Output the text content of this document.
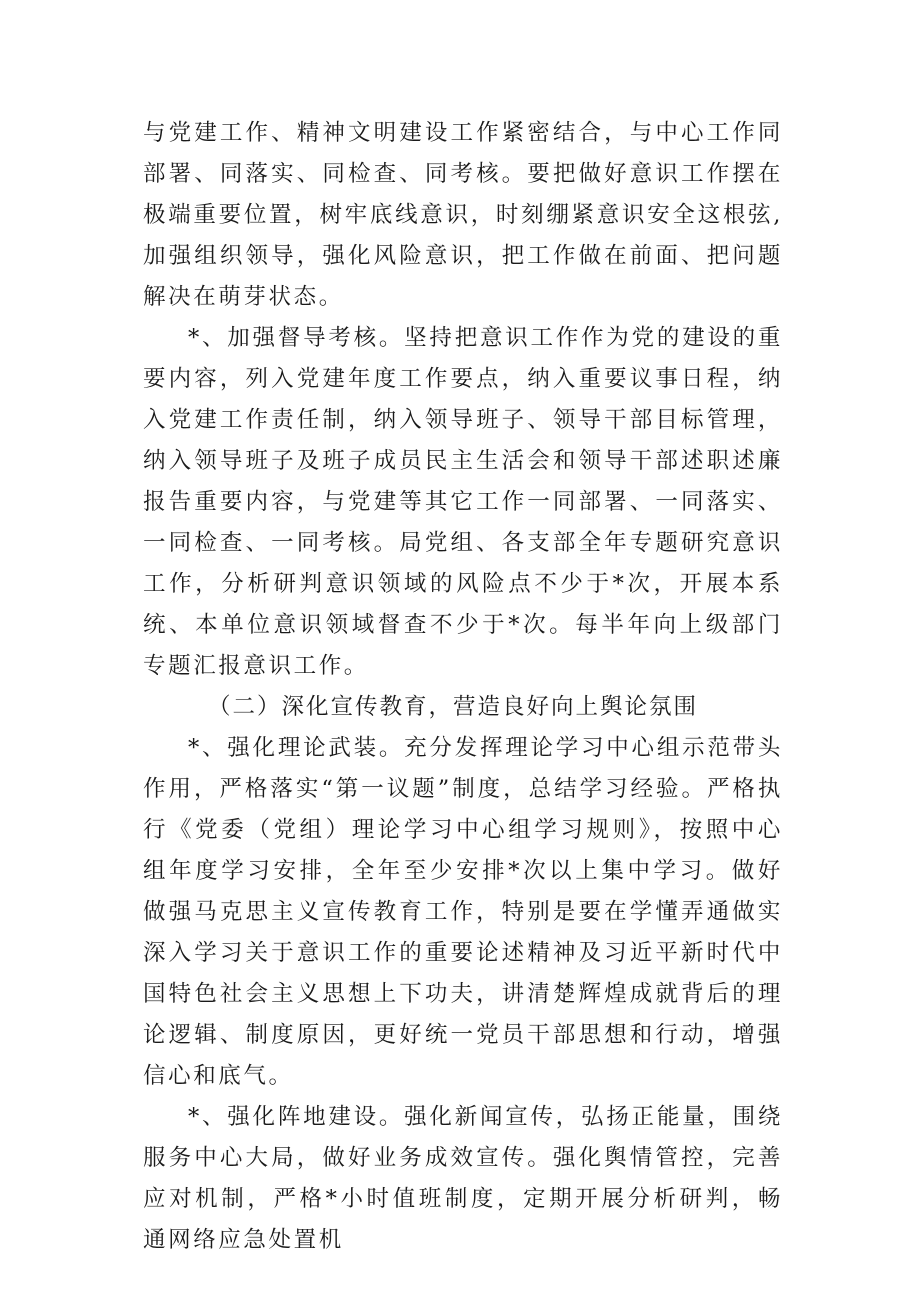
与党建工作、精神文明建设工作紧密结合，与中心工作同部署、同落实、同检查、同考核。要把做好意识工作摆在极端重要位置，树牢底线意识，时刻绷紧意识安全这根弦,加强组织领导，强化风险意识，把工作做在前面、把问题解决在萌芽状态。

*、加强督导考核。坚持把意识工作作为党的建设的重要内容，列入党建年度工作要点，纳入重要议事日程，纳入党建工作责任制，纳入领导班子、领导干部目标管理，纳入领导班子及班子成员民主生活会和领导干部述职述廉报告重要内容，与党建等其它工作一同部署、一同落实、一同检查、一同考核。局党组、各支部全年专题研究意识工作，分析研判意识领域的风险点不少于*次，开展本系统、本单位意识领域督查不少于*次。每半年向上级部门专题汇报意识工作。

（二）深化宣传教育，营造良好向上舆论氛围

*、强化理论武装。充分发挥理论学习中心组示范带头作用，严格落实“第一议题”制度，总结学习经验。严格执行《党委（党组）理论学习中心组学习规则》，按照中心组年度学习安排，全年至少安排*次以上集中学习。做好做强马克思主义宣传教育工作，特别是要在学懂弄通做实深入学习关于意识工作的重要论述精神及习近平新时代中国特色社会主义思想上下功夫，讲清楚辉煌成就背后的理论逻辑、制度原因，更好统一党员干部思想和行动，增强信心和底气。

*、强化阵地建设。强化新闻宣传，弘扬正能量，围绕服务中心大局，做好业务成效宣传。强化舆情管控，完善应对机制，严格*小时值班制度，定期开展分析研判，畅通网络应急处置机
